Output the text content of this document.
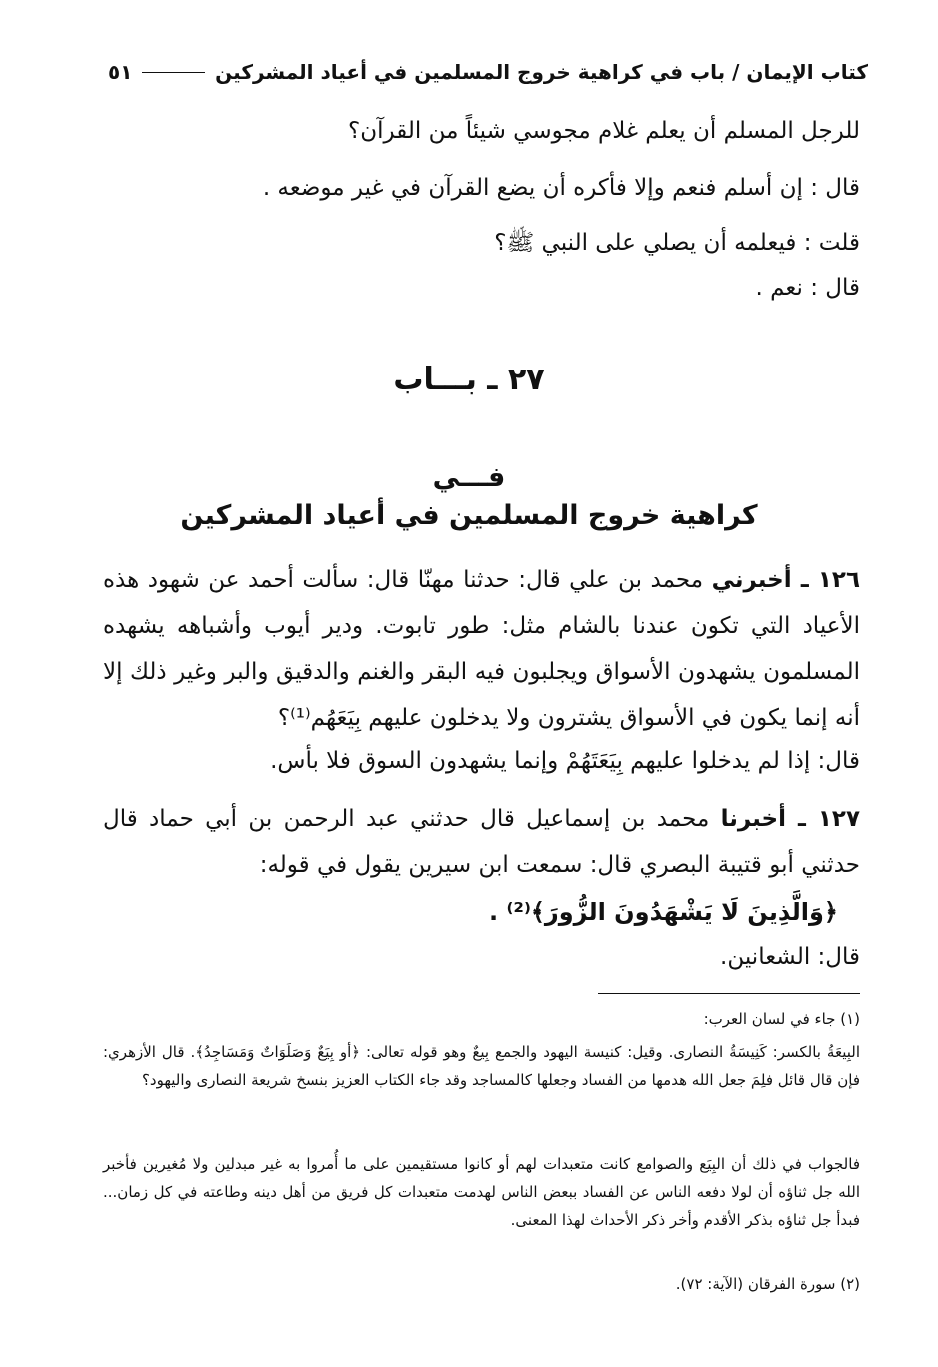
كتاب الإيمان / باب في كراهية خروج المسلمين في أعياد المشركين
٥١
للرجل المسلم أن يعلم غلام مجوسي شيئاً من القرآن؟
قال : إن أسلم فنعم وإلا فأكره أن يضع القرآن في غير موضعه .
قلت : فيعلمه أن يصلي على النبي ﷺ؟
قال : نعم .
٢٧ ـ بـــاب
فـــي
كراهية خروج المسلمين في أعياد المشركين
١٢٦ ـ أخبرني محمد بن علي قال: حدثنا مهنّا قال: سألت أحمد عن شهود هذه الأعياد التي تكون عندنا بالشام مثل: طور تابوت. ودير أيوب وأشباهه يشهده المسلمون يشهدون الأسواق ويجلبون فيه البقر والغنم والدقيق والبر وغير ذلك إلا أنه إنما يكون في الأسواق يشترون ولا يدخلون عليهم بِيَعَهُم⁽¹⁾؟
قال: إذا لم يدخلوا عليهم بِيَعَتَهُمْ وإنما يشهدون السوق فلا بأس.
١٢٧ ـ أخبرنا محمد بن إسماعيل قال حدثني عبد الرحمن بن أبي حماد قال حدثني أبو قتيبة البصري قال: سمعت ابن سيرين يقول في قوله:
﴿وَالَّذِينَ لَا يَشْهَدُونَ الزُّورَ﴾⁽²⁾ .
قال: الشعانين.
(١) جاء في لسان العرب:
البِيعَةُ بالكسر: كَنِيسَةُ النصارى. وقيل: كنيسة اليهود والجمع بِيعٌ وهو قوله تعالى: ﴿أو بِيَعٌ وَصَلَوَاتٌ وَمَسَاجِدُ﴾. قال الأزهري: فإن قال قائل فلِمَ جعل الله هدمها من الفساد وجعلها كالمساجد وقد جاء الكتاب العزيز بنسخ شريعة النصارى واليهود؟
فالجواب في ذلك أن البِيَع والصوامع كانت متعبدات لهم أو كانوا مستقيمين على ما أُمروا به غير مبدلين ولا مُغيرين فأخبر الله جل ثناؤه أن لولا دفعه الناس عن الفساد ببعض الناس لهدمت متعبدات كل فريق من أهل دينه وطاعته في كل زمان... فبدأ جل ثناؤه بذكر الأقدم وأخر ذكر الأحداث لهذا المعنى.
(٢) سورة الفرقان (الآية: ٧٢).
